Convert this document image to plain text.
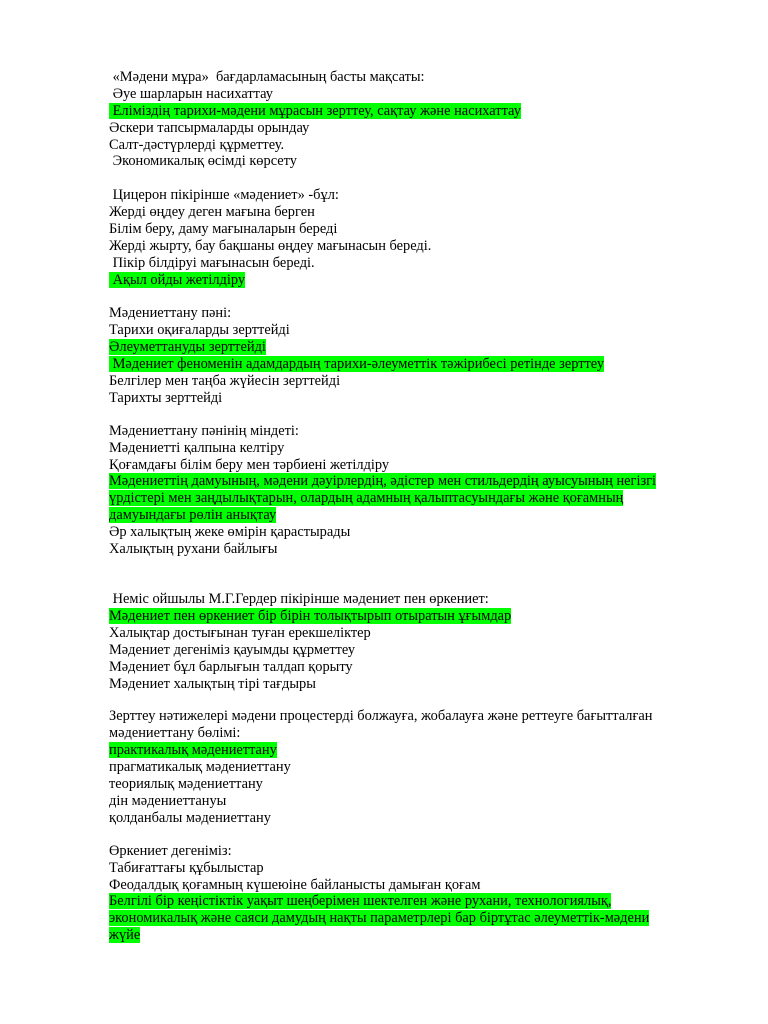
«Мәдени мұра»  бағдарламасының басты мақсаты:
Әуе шарларын насихаттау
Еліміздің тарихи-мәдени мұрасын зерттеу, сақтау және насихаттау
Әскери тапсырмаларды орындау
Салт-дәстүрлерді құрметтеу.
Экономикалық өсімді көрсету
Цицерон пікірінше «мәдениет» -бұл:
Жерді өңдеу деген мағына берген
Білім беру, даму мағыналарын береді
Жерді жырту, бау бақшаны өңдеу мағынасын береді.
Пікір білдіруі мағынасын береді.
Ақыл ойды жетілдіру
Мәдениеттану пәні:
Тарихи оқиғаларды зерттейді
Әлеуметтануды зерттейді
Мәдениет феноменін адамдардың тарихи-әлеуметтік тәжірибесі ретінде зерттеу
Белгілер мен таңба жүйесін зерттейді
Тарихты зерттейді
Мәдениеттану пәнінің міндеті:
Мәдениетті қалпына келтіру
Қоғамдағы білім беру мен тәрбиені жетілдіру
Мәдениеттің дамуының, мәдени дәуірлердің, әдістер мен стильдердің ауысуының негізгі
үрдістері мен заңдылықтарын, олардың адамның қалыптасуындағы және қоғамның
дамуындағы рөлін анықтау
Әр халықтың жеке өмірін қарастырады
Халықтың рухани байлығы
Неміс ойшылы М.Г.Гердер пікірінше мәдениет пен өркениет:
Мәдениет пен өркениет бір бірін толықтырып отыратын ұғымдар
Халықтар достығынан туған ерекшеліктер
Мәдениет дегеніміз қауымды құрметтеу
Мәдениет бұл барлығын талдап қорыту
Мәдениет халықтың тірі тағдыры
Зерттеу нәтижелері мәдени процестерді болжауға, жобалауға және реттеуге бағытталған
мәдениеттану бөлімі:
практикалық мәдениеттану
прагматикалық мәдениеттану
теориялық мәдениеттану
дін мәдениеттануы
қолданбалы мәдениеттану
Өркениет дегеніміз:
Табиғаттағы құбылыстар
Феодалдық қоғамның күшеюіне байланысты дамыған қоғам
Белгілі бір кеңістіктік уақыт шеңберімен шектелген және рухани, технологиялық,
экономикалық және саяси дамудың нақты параметрлері бар біртұтас әлеуметтік-мәдени
жүйе
